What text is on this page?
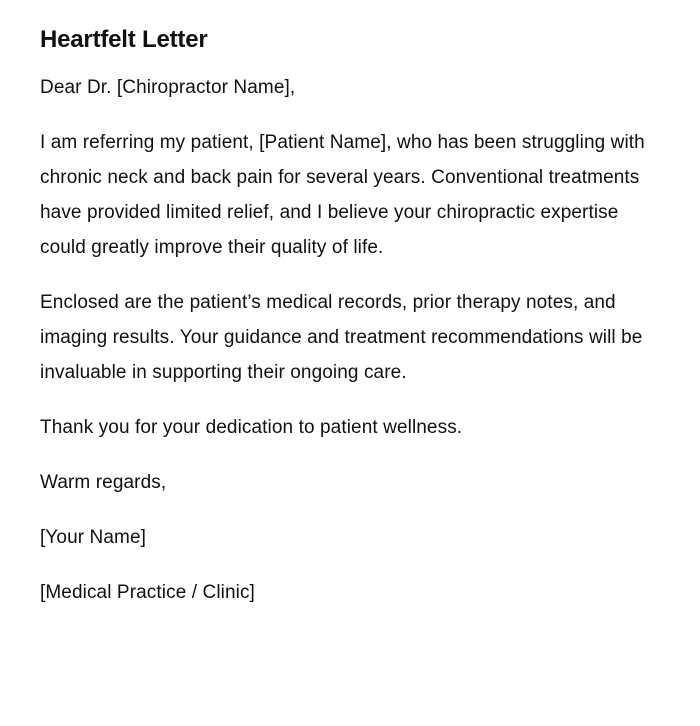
Heartfelt Letter

Dear Dr. [Chiropractor Name],

I am referring my patient, [Patient Name], who has been struggling with chronic neck and back pain for several years. Conventional treatments have provided limited relief, and I believe your chiropractic expertise could greatly improve their quality of life.

Enclosed are the patient’s medical records, prior therapy notes, and imaging results. Your guidance and treatment recommendations will be invaluable in supporting their ongoing care.

Thank you for your dedication to patient wellness.

Warm regards,

[Your Name]

[Medical Practice / Clinic]
